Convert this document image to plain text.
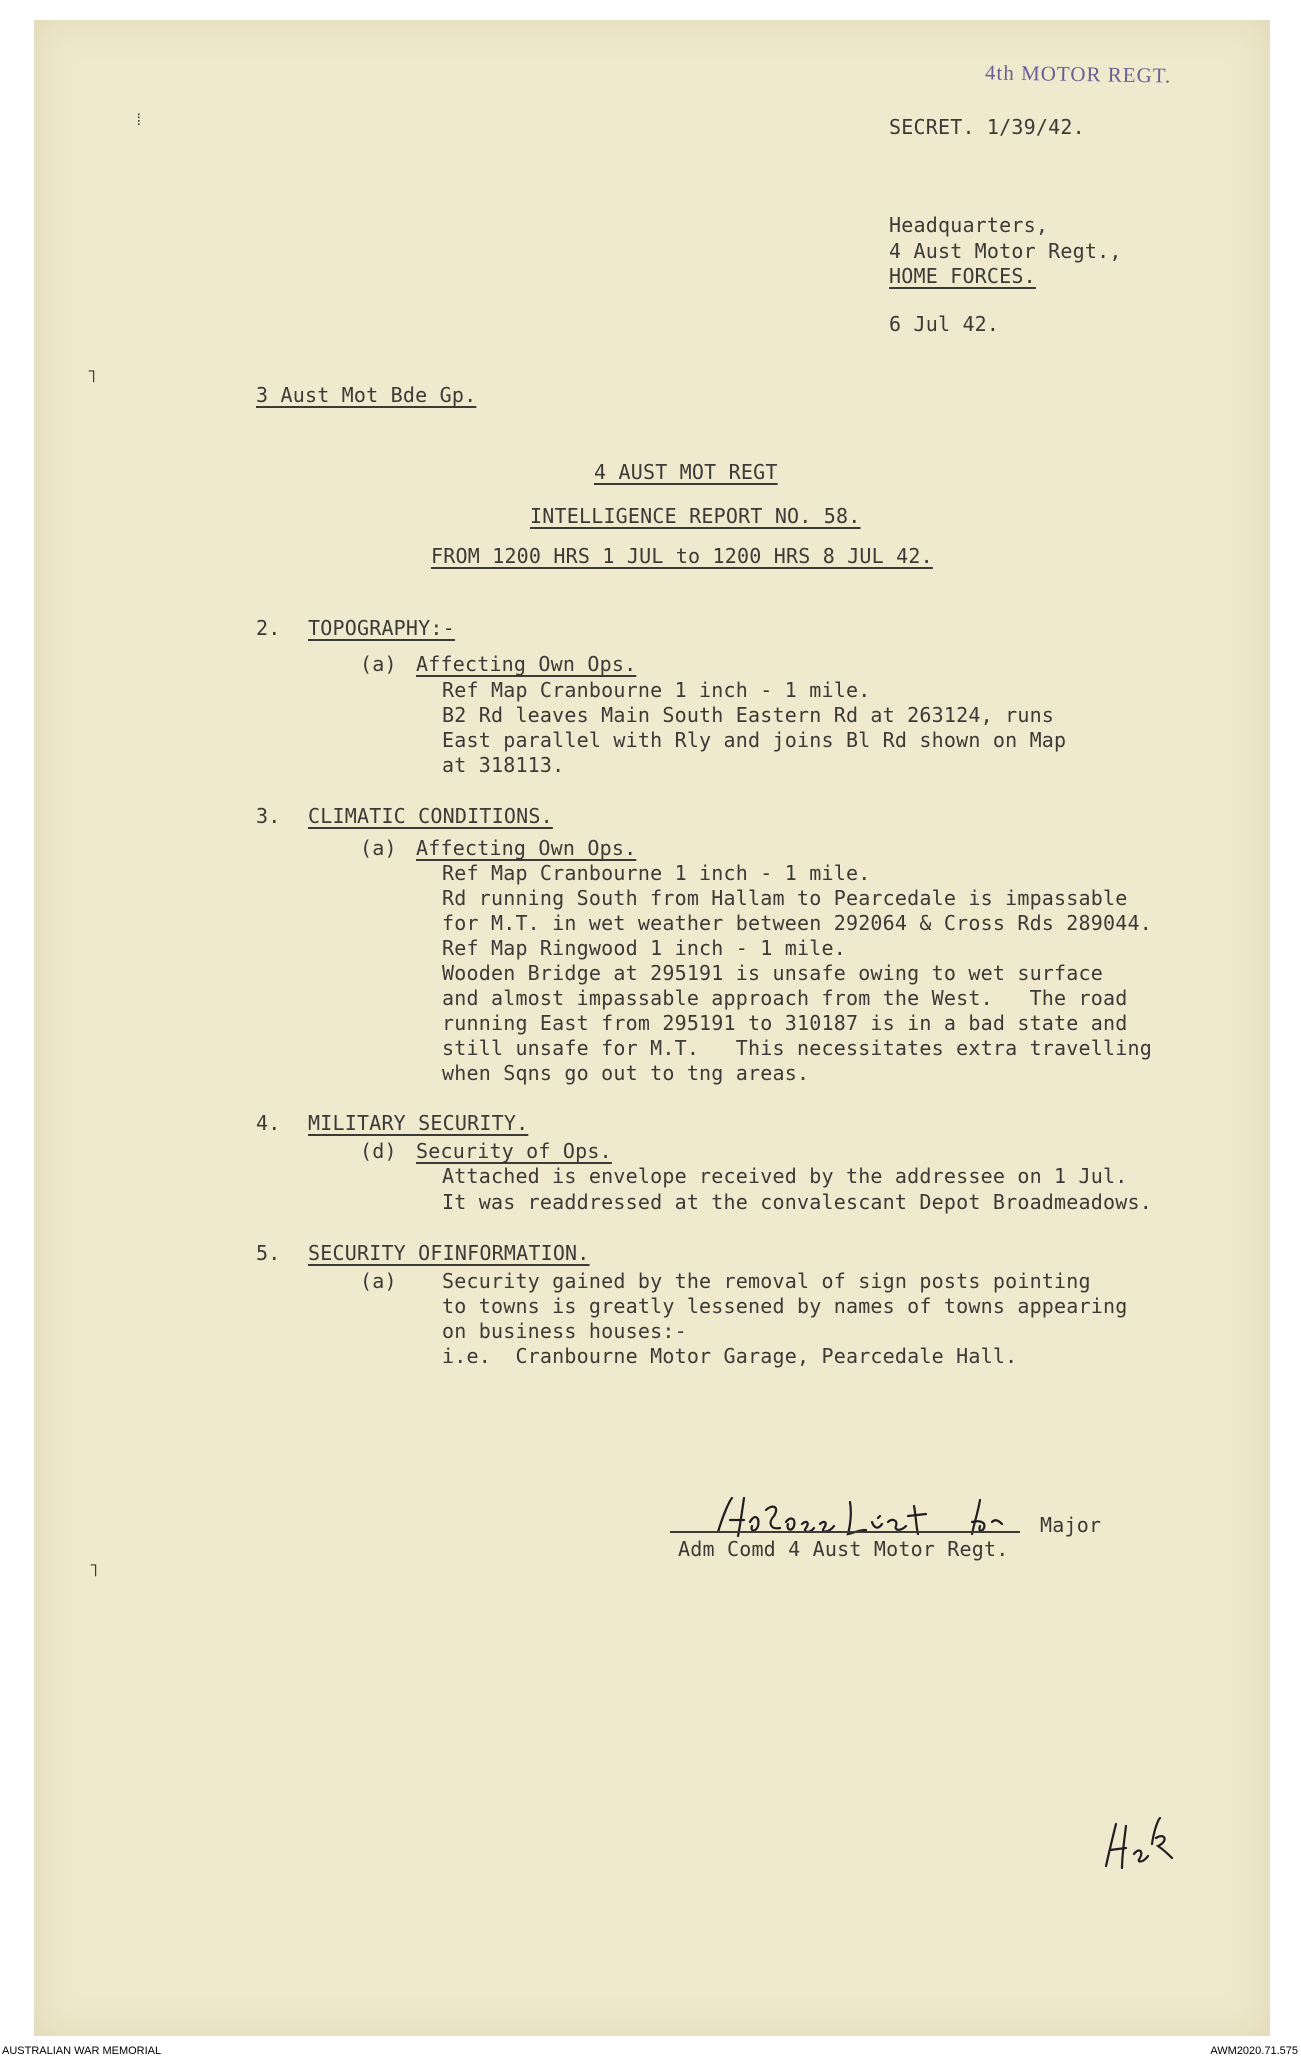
⁞
˥
˥
4th MOTOR REGT.
SECRET. 1/39/42.
Headquarters,
4 Aust Motor Regt.,
HOME FORCES.
6 Jul 42.
3 Aust Mot Bde Gp.
4 AUST MOT REGT
INTELLIGENCE REPORT NO. 58.
FROM 1200 HRS 1 JUL to 1200 HRS 8 JUL 42.
2. TOPOGRAPHY:-
(a) Affecting Own Ops.
Ref Map Cranbourne 1 inch - 1 mile.
B2 Rd leaves Main South Eastern Rd at 263124, runs
East parallel with Rly and joins Bl Rd shown on Map
at 318113.
3. CLIMATIC CONDITIONS.
(a) Affecting Own Ops.
Ref Map Cranbourne 1 inch - 1 mile.
Rd running South from Hallam to Pearcedale is impassable
for M.T. in wet weather between 292064 & Cross Rds 289044.
Ref Map Ringwood 1 inch - 1 mile.
Wooden Bridge at 295191 is unsafe owing to wet surface
and almost impassable approach from the West.   The road
running East from 295191 to 310187 is in a bad state and
still unsafe for M.T.   This necessitates extra travelling
when Sqns go out to tng areas.
4. MILITARY SECURITY.
(d) Security of Ops.
Attached is envelope received by the addressee on 1 Jul.
It was readdressed at the convalescant Depot Broadmeadows.
5. SECURITY OFINFORMATION.
(a) Security gained by the removal of sign posts pointing
to towns is greatly lessened by names of towns appearing
on business houses:-
i.e.  Cranbourne Motor Garage, Pearcedale Hall.
Major
Adm Comd 4 Aust Motor Regt.
AUSTRALIAN WAR MEMORIAL	AWM2020.71.575
